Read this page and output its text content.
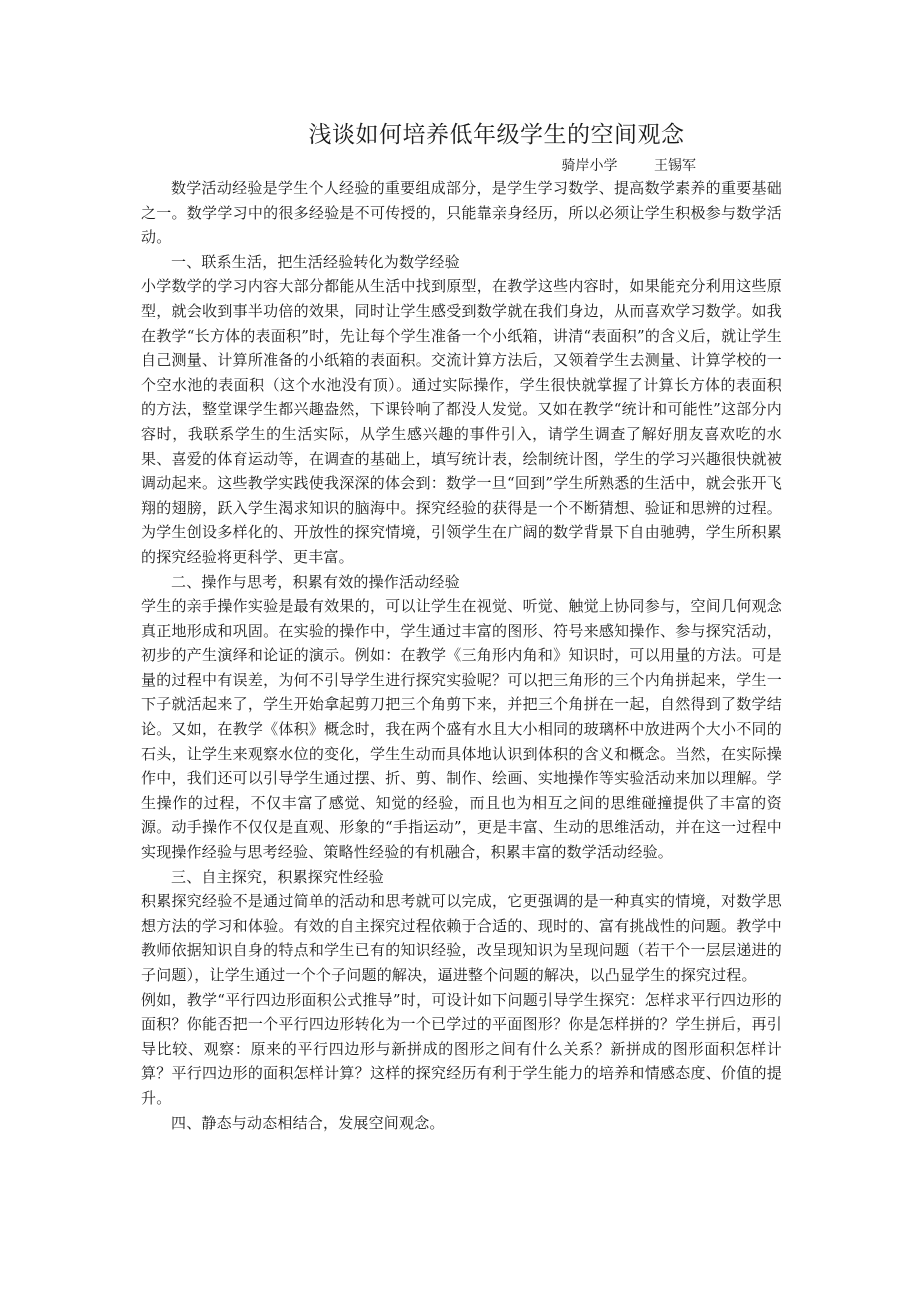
浅谈如何培养低年级学生的空间观念
骑岸小学　 王锡军

数学活动经验是学生个人经验的重要组成部分，是学生学习数学、提高数学素养的重要基础之一。数学学习中的很多经验是不可传授的，只能靠亲身经历，所以必须让学生积极参与数学活动。

一、联系生活，把生活经验转化为数学经验

小学数学的学习内容大部分都能从生活中找到原型，在教学这些内容时，如果能充分利用这些原型，就会收到事半功倍的效果，同时让学生感受到数学就在我们身边，从而喜欢学习数学。如我在教学“长方体的表面积”时，先让每个学生准备一个小纸箱，讲清“表面积”的含义后，就让学生自己测量、计算所准备的小纸箱的表面积。交流计算方法后，又领着学生去测量、计算学校的一个空水池的表面积（这个水池没有顶）。通过实际操作，学生很快就掌握了计算长方体的表面积的方法，整堂课学生都兴趣盎然，下课铃响了都没人发觉。又如在教学“统计和可能性”这部分内容时，我联系学生的生活实际，从学生感兴趣的事件引入，请学生调查了解好朋友喜欢吃的水果、喜爱的体育运动等，在调查的基础上，填写统计表，绘制统计图，学生的学习兴趣很快就被调动起来。这些教学实践使我深深的体会到：数学一旦“回到”学生所熟悉的生活中，就会张开飞翔的翅膀，跃入学生渴求知识的脑海中。探究经验的获得是一个不断猜想、验证和思辨的过程。为学生创设多样化的、开放性的探究情境，引领学生在广阔的数学背景下自由驰骋，学生所积累的探究经验将更科学、更丰富。

二、操作与思考，积累有效的操作活动经验

学生的亲手操作实验是最有效果的，可以让学生在视觉、听觉、触觉上协同参与，空间几何观念真正地形成和巩固。在实验的操作中，学生通过丰富的图形、符号来感知操作、参与探究活动，初步的产生演绎和论证的演示。例如：在教学《三角形内角和》知识时，可以用量的方法。可是量的过程中有误差，为何不引导学生进行探究实验呢？可以把三角形的三个内角拼起来，学生一下子就活起来了，学生开始拿起剪刀把三个角剪下来，并把三个角拼在一起，自然得到了数学结论。又如，在教学《体积》概念时，我在两个盛有水且大小相同的玻璃杯中放进两个大小不同的石头，让学生来观察水位的变化，学生生动而具体地认识到体积的含义和概念。当然，在实际操作中，我们还可以引导学生通过摆、折、剪、制作、绘画、实地操作等实验活动来加以理解。学生操作的过程，不仅丰富了感觉、知觉的经验，而且也为相互之间的思维碰撞提供了丰富的资源。动手操作不仅仅是直观、形象的“手指运动”，更是丰富、生动的思维活动，并在这一过程中实现操作经验与思考经验、策略性经验的有机融合，积累丰富的数学活动经验。

三、自主探究，积累探究性经验

积累探究经验不是通过简单的活动和思考就可以完成，它更强调的是一种真实的情境，对数学思想方法的学习和体验。有效的自主探究过程依赖于合适的、现时的、富有挑战性的问题。教学中教师依据知识自身的特点和学生已有的知识经验，改呈现知识为呈现问题（若干个一层层递进的子问题），让学生通过一个个子问题的解决，逼进整个问题的解决，以凸显学生的探究过程。

例如，教学“平行四边形面积公式推导”时，可设计如下问题引导学生探究：怎样求平行四边形的面积？你能否把一个平行四边形转化为一个已学过的平面图形？你是怎样拼的？学生拼后，再引导比较、观察：原来的平行四边形与新拼成的图形之间有什么关系？新拼成的图形面积怎样计算？平行四边形的面积怎样计算？这样的探究经历有利于学生能力的培养和情感态度、价值的提升。

四、静态与动态相结合，发展空间观念。
